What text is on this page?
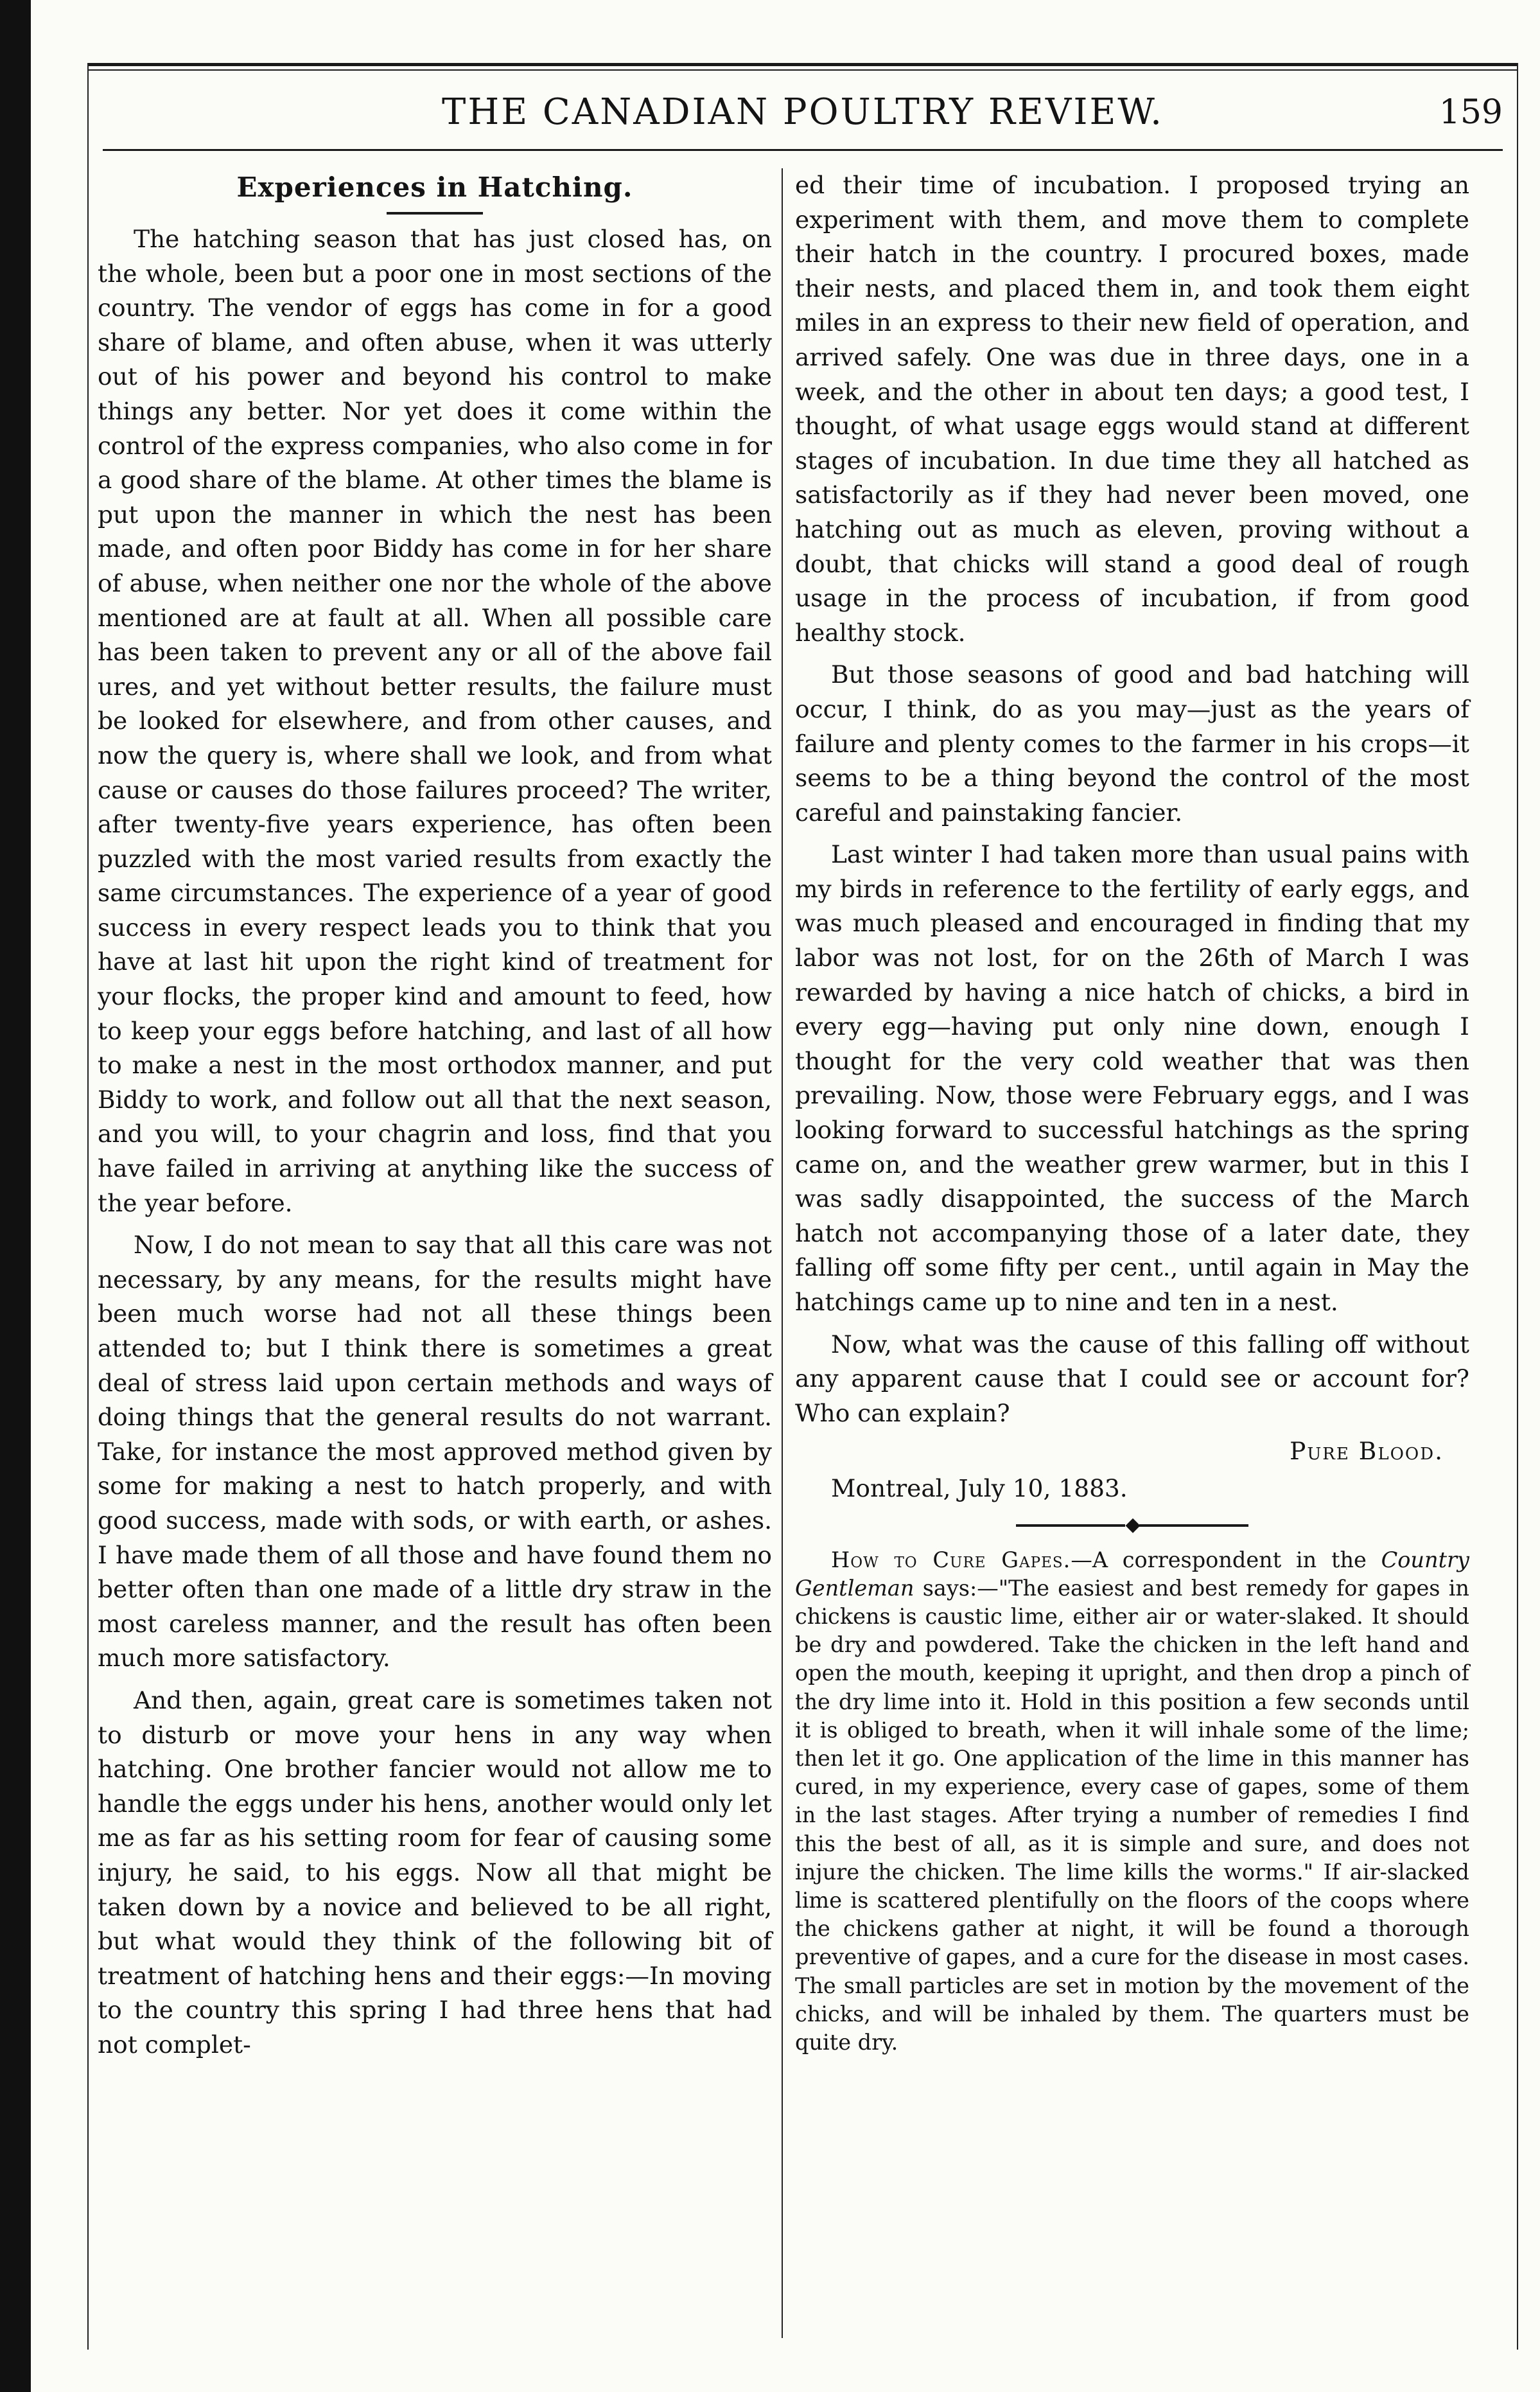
THE CANADIAN POULTRY REVIEW.	159
Experiences in Hatching.

The hatching season that has just closed has, on the whole, been but a poor one in most sections of the country. The vendor of eggs has come in for a good share of blame, and often abuse, when it was utterly out of his power and beyond his control to make things any better. Nor yet does it come within the control of the express companies, who also come in for a good share of the blame. At other times the blame is put upon the manner in which the nest has been made, and often poor Biddy has come in for her share of abuse, when neither one nor the whole of the above mentioned are at fault at all. When all possible care has been taken to prevent any or all of the above fail ures, and yet without better results, the failure must be looked for elsewhere, and from other causes, and now the query is, where shall we look, and from what cause or causes do those failures proceed? The writer, after twenty-five years experience, has often been puzzled with the most varied results from exactly the same circumstances. The experience of a year of good success in every respect leads you to think that you have at last hit upon the right kind of treatment for your flocks, the proper kind and amount to feed, how to keep your eggs before hatching, and last of all how to make a nest in the most orthodox manner, and put Biddy to work, and follow out all that the next season, and you will, to your chagrin and loss, find that you have failed in arriving at anything like the success of the year before.

Now, I do not mean to say that all this care was not necessary, by any means, for the results might have been much worse had not all these things been attended to; but I think there is sometimes a great deal of stress laid upon certain methods and ways of doing things that the general results do not warrant. Take, for instance the most approved method given by some for making a nest to hatch properly, and with good success, made with sods, or with earth, or ashes. I have made them of all those and have found them no better often than one made of a little dry straw in the most careless manner, and the result has often been much more satisfactory.

And then, again, great care is sometimes taken not to disturb or move your hens in any way when hatching. One brother fancier would not allow me to handle the eggs under his hens, another would only let me as far as his setting room for fear of causing some injury, he said, to his eggs. Now all that might be taken down by a novice and believed to be all right, but what would they think of the following bit of treatment of hatching hens and their eggs:—In moving to the country this spring I had three hens that had not complet-

ed their time of incubation. I proposed trying an experiment with them, and move them to complete their hatch in the country. I procured boxes, made their nests, and placed them in, and took them eight miles in an express to their new field of operation, and arrived safely. One was due in three days, one in a week, and the other in about ten days; a good test, I thought, of what usage eggs would stand at different stages of incubation. In due time they all hatched as satisfactorily as if they had never been moved, one hatching out as much as eleven, proving without a doubt, that chicks will stand a good deal of rough usage in the process of incubation, if from good healthy stock.

But those seasons of good and bad hatching will occur, I think, do as you may—just as the years of failure and plenty comes to the farmer in his crops—it seems to be a thing beyond the control of the most careful and painstaking fancier.

Last winter I had taken more than usual pains with my birds in reference to the fertility of early eggs, and was much pleased and encouraged in finding that my labor was not lost, for on the 26th of March I was rewarded by having a nice hatch of chicks, a bird in every egg—having put only nine down, enough I thought for the very cold weather that was then prevailing. Now, those were February eggs, and I was looking forward to successful hatchings as the spring came on, and the weather grew warmer, but in this I was sadly disappointed, the success of the March hatch not accompanying those of a later date, they falling off some fifty per cent., until again in May the hatchings came up to nine and ten in a nest.

Now, what was the cause of this falling off without any apparent cause that I could see or account for? Who can explain?

Pure Blood.
Montreal, July 10, 1883.
◆

How to Cure Gapes.—A correspondent in the Country Gentleman says:—"The easiest and best remedy for gapes in chickens is caustic lime, either air or water-slaked. It should be dry and powdered. Take the chicken in the left hand and open the mouth, keeping it upright, and then drop a pinch of the dry lime into it. Hold in this position a few seconds until it is obliged to breath, when it will inhale some of the lime; then let it go. One application of the lime in this manner has cured, in my experience, every case of gapes, some of them in the last stages. After trying a number of remedies I find this the best of all, as it is simple and sure, and does not injure the chicken. The lime kills the worms." If air-slacked lime is scattered plentifully on the floors of the coops where the chickens gather at night, it will be found a thorough preventive of gapes, and a cure for the disease in most cases. The small particles are set in motion by the movement of the chicks, and will be inhaled by them. The quarters must be quite dry.
